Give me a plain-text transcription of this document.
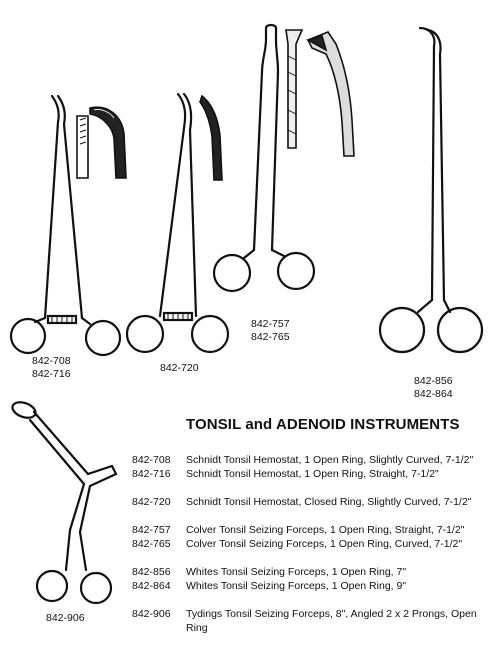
842-708
842-716	842-720
842-757
842-765
842-856
842-864
842-906
TONSIL and ADENOID INSTRUMENTS
842-708	Schnidt Tonsil Hemostat, 1 Open Ring, Slightly Curved, 7-1/2"
842-716	Schnidt Tonsil Hemostat, 1 Open Ring, Straight, 7-1/2"
842-720	Schnidt Tonsil Hemostat, Closed Ring, Slightly Curved, 7-1/2"
842-757	Colver Tonsil Seizing Forceps, 1 Open Ring, Straight, 7-1/2"
842-765	Colver Tonsil Seizing Forceps, 1 Open Ring, Curved, 7-1/2"
842-856	Whites Tonsil Seizing Forceps, 1 Open Ring, 7"
842-864	Whites Tonsil Seizing Forceps, 1 Open Ring, 9"
842-906	Tydings Tonsil Seizing Forceps, 8", Angled 2 x 2 Prongs, Open Ring
